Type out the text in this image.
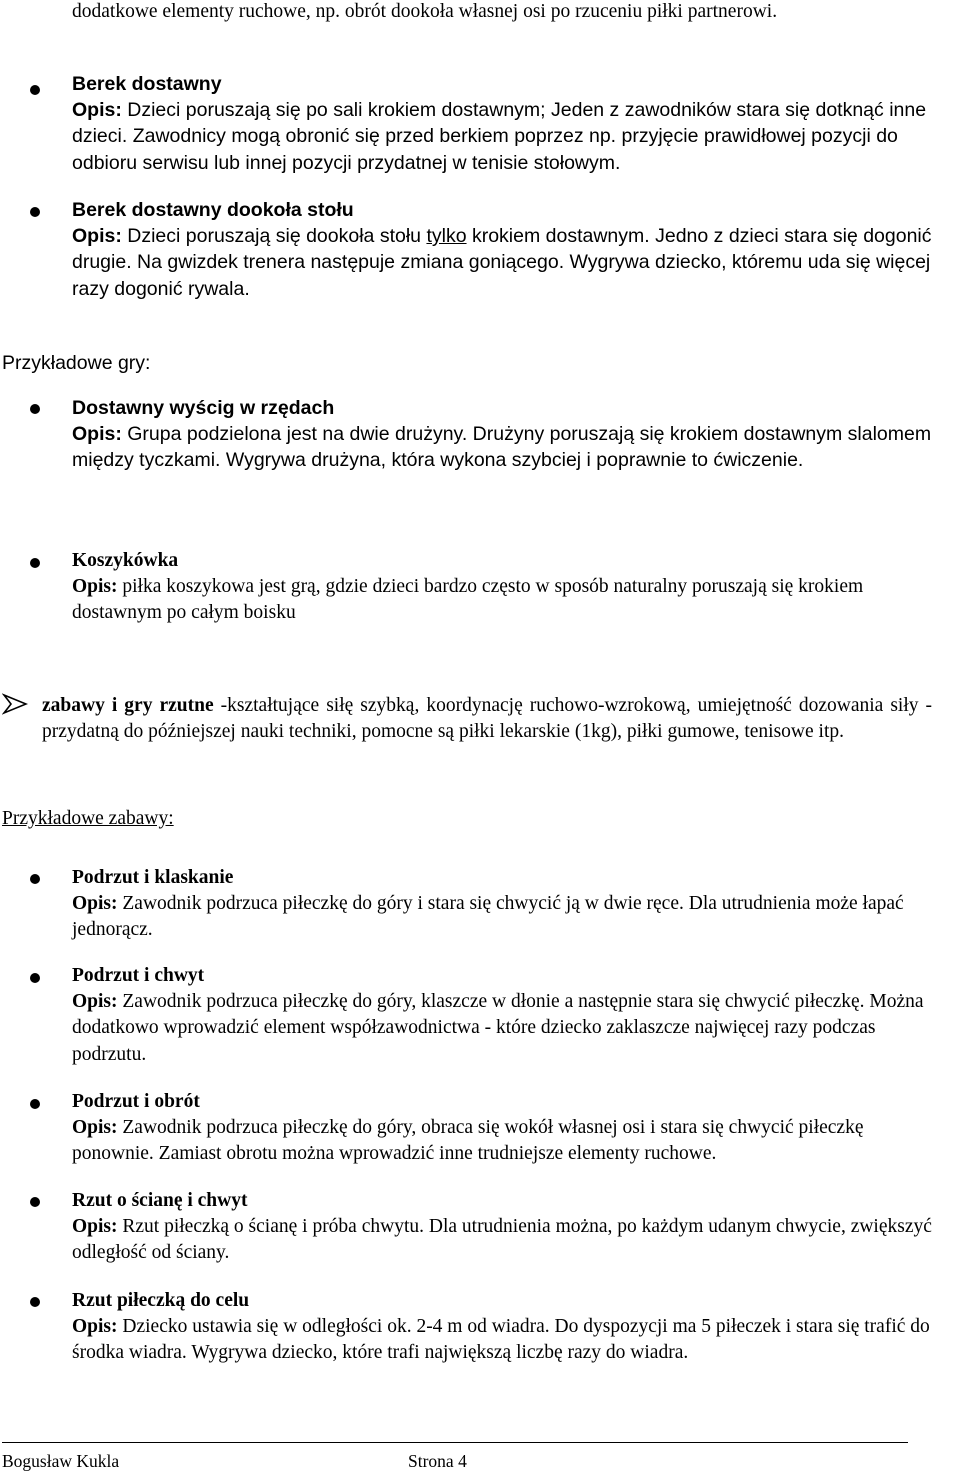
dodatkowe elementy ruchowe, np. obrót dookoła własnej osi po rzuceniu piłki partnerowi.
Berek dostawny
Opis: Dzieci poruszają się po sali krokiem dostawnym; Jeden z zawodników stara się dotknąć inne dzieci. Zawodnicy mogą obronić się przed berkiem poprzez np. przyjęcie prawidłowej pozycji do odbioru serwisu lub innej pozycji przydatnej w tenisie stołowym.
Berek dostawny dookoła stołu
Opis: Dzieci poruszają się dookoła stołu tylko krokiem dostawnym. Jedno z dzieci stara się dogonić drugie. Na gwizdek trenera następuje zmiana goniącego. Wygrywa dziecko, któremu uda się więcej razy dogonić rywala.
Przykładowe gry:
Dostawny wyścig w rzędach
Opis: Grupa podzielona jest na dwie drużyny. Drużyny poruszają się krokiem dostawnym slalomem między tyczkami. Wygrywa drużyna, która wykona szybciej i poprawnie to ćwiczenie.
Koszykówka
Opis: piłka koszykowa jest grą, gdzie dzieci bardzo często w sposób naturalny poruszają się krokiem dostawnym po całym boisku
zabawy i gry rzutne -kształtujące siłę szybką, koordynację ruchowo-wzrokową, umiejętność dozowania siły - przydatną do późniejszej nauki techniki, pomocne są piłki lekarskie (1kg), piłki gumowe, tenisowe itp.
Przykładowe zabawy:
Podrzut i klaskanie
Opis: Zawodnik podrzuca piłeczkę do góry i stara się chwycić ją w dwie ręce. Dla utrudnienia może łapać jednorącz.
Podrzut i chwyt
Opis: Zawodnik podrzuca piłeczkę do góry, klaszcze w dłonie a następnie stara się chwycić piłeczkę. Można dodatkowo wprowadzić element współzawodnictwa - które dziecko zaklaszcze najwięcej razy podczas podrzutu.
Podrzut i obrót
Opis: Zawodnik podrzuca piłeczkę do góry, obraca się wokół własnej osi i stara się chwycić piłeczkę ponownie. Zamiast obrotu można wprowadzić inne trudniejsze elementy ruchowe.
Rzut o ścianę i chwyt
Opis: Rzut piłeczką o ścianę i próba chwytu. Dla utrudnienia można, po każdym udanym chwycie, zwiększyć odległość od ściany.
Rzut piłeczką do celu
Opis: Dziecko ustawia się w odległości ok. 2-4 m od wiadra. Do dyspozycji ma 5 piłeczek i stara się trafić do środka wiadra. Wygrywa dziecko, które trafi największą liczbę razy do wiadra.
Bogusław Kukla	Strona 4
